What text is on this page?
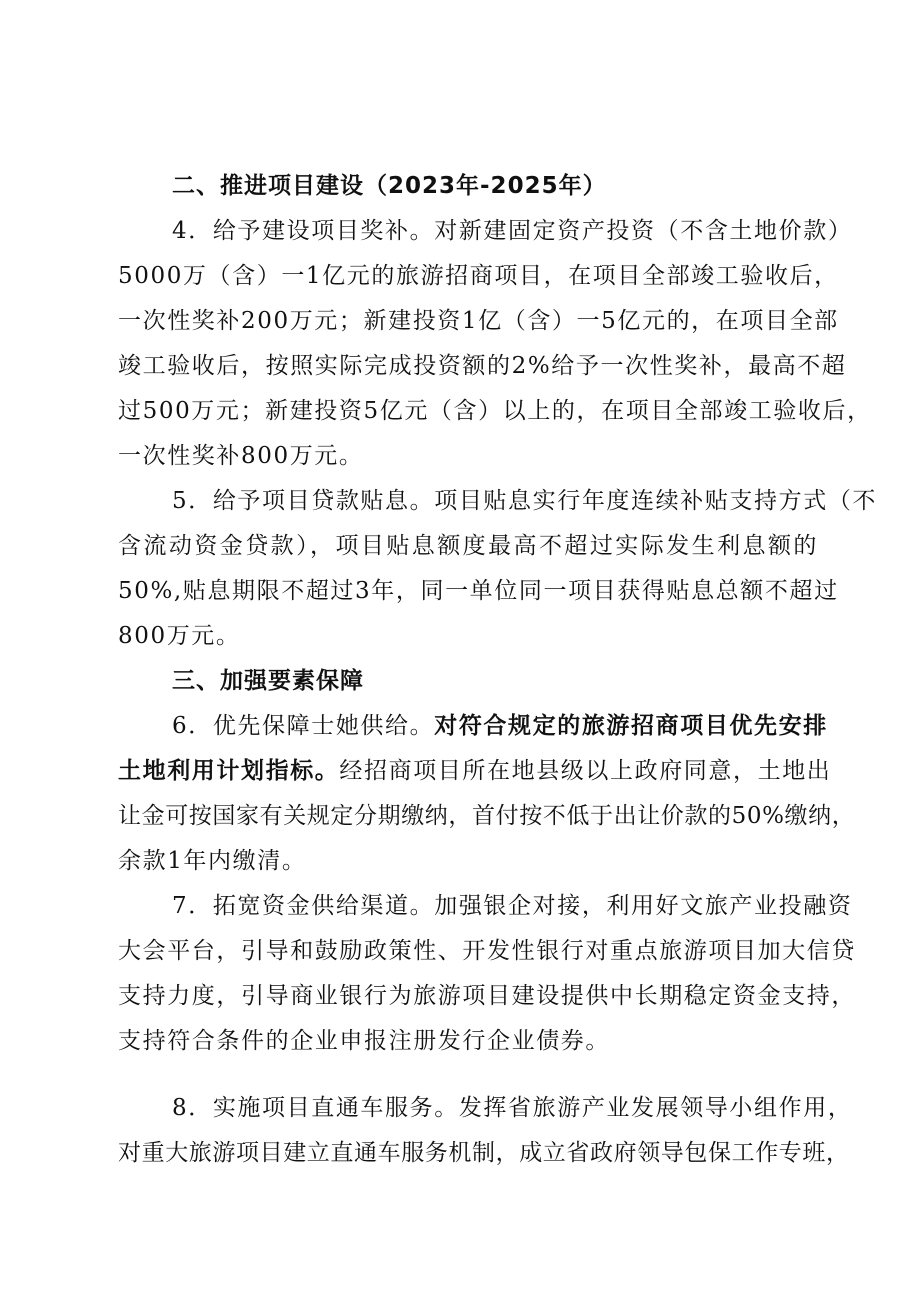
二、推进项目建设（2023年-2025年）
4．给予建设项目奖补。对新建固定资产投资（不含土地价款）
5000万（含）一1亿元的旅游招商项目，在项目全部竣工验收后，
一次性奖补200万元；新建投资1亿（含）一5亿元的，在项目全部
竣工验收后，按照实际完成投资额的2%给予一次性奖补，最高不超
过500万元；新建投资5亿元（含）以上的，在项目全部竣工验收后，
一次性奖补800万元。
5．给予项目贷款贴息。项目贴息实行年度连续补贴支持方式（不
含流动资金贷款），项目贴息额度最高不超过实际发生利息额的
50%,贴息期限不超过3年，同一单位同一项目获得贴息总额不超过
800万元。
三、加强要素保障
6．优先保障士她供给。对符合规定的旅游招商项目优先安排
土地利用计划指标。经招商项目所在地县级以上政府同意，土地出
让金可按国家有关规定分期缴纳，首付按不低于出让价款的50%缴纳，
余款1年内缴清。
7．拓宽资金供给渠道。加强银企对接，利用好文旅产业投融资
大会平台，引导和鼓励政策性、开发性银行对重点旅游项目加大信贷
支持力度，引导商业银行为旅游项目建设提供中长期稳定资金支持，
支持符合条件的企业申报注册发行企业债券。
8．实施项目直通车服务。发挥省旅游产业发展领导小组作用，
对重大旅游项目建立直通车服务机制，成立省政府领导包保工作专班，
